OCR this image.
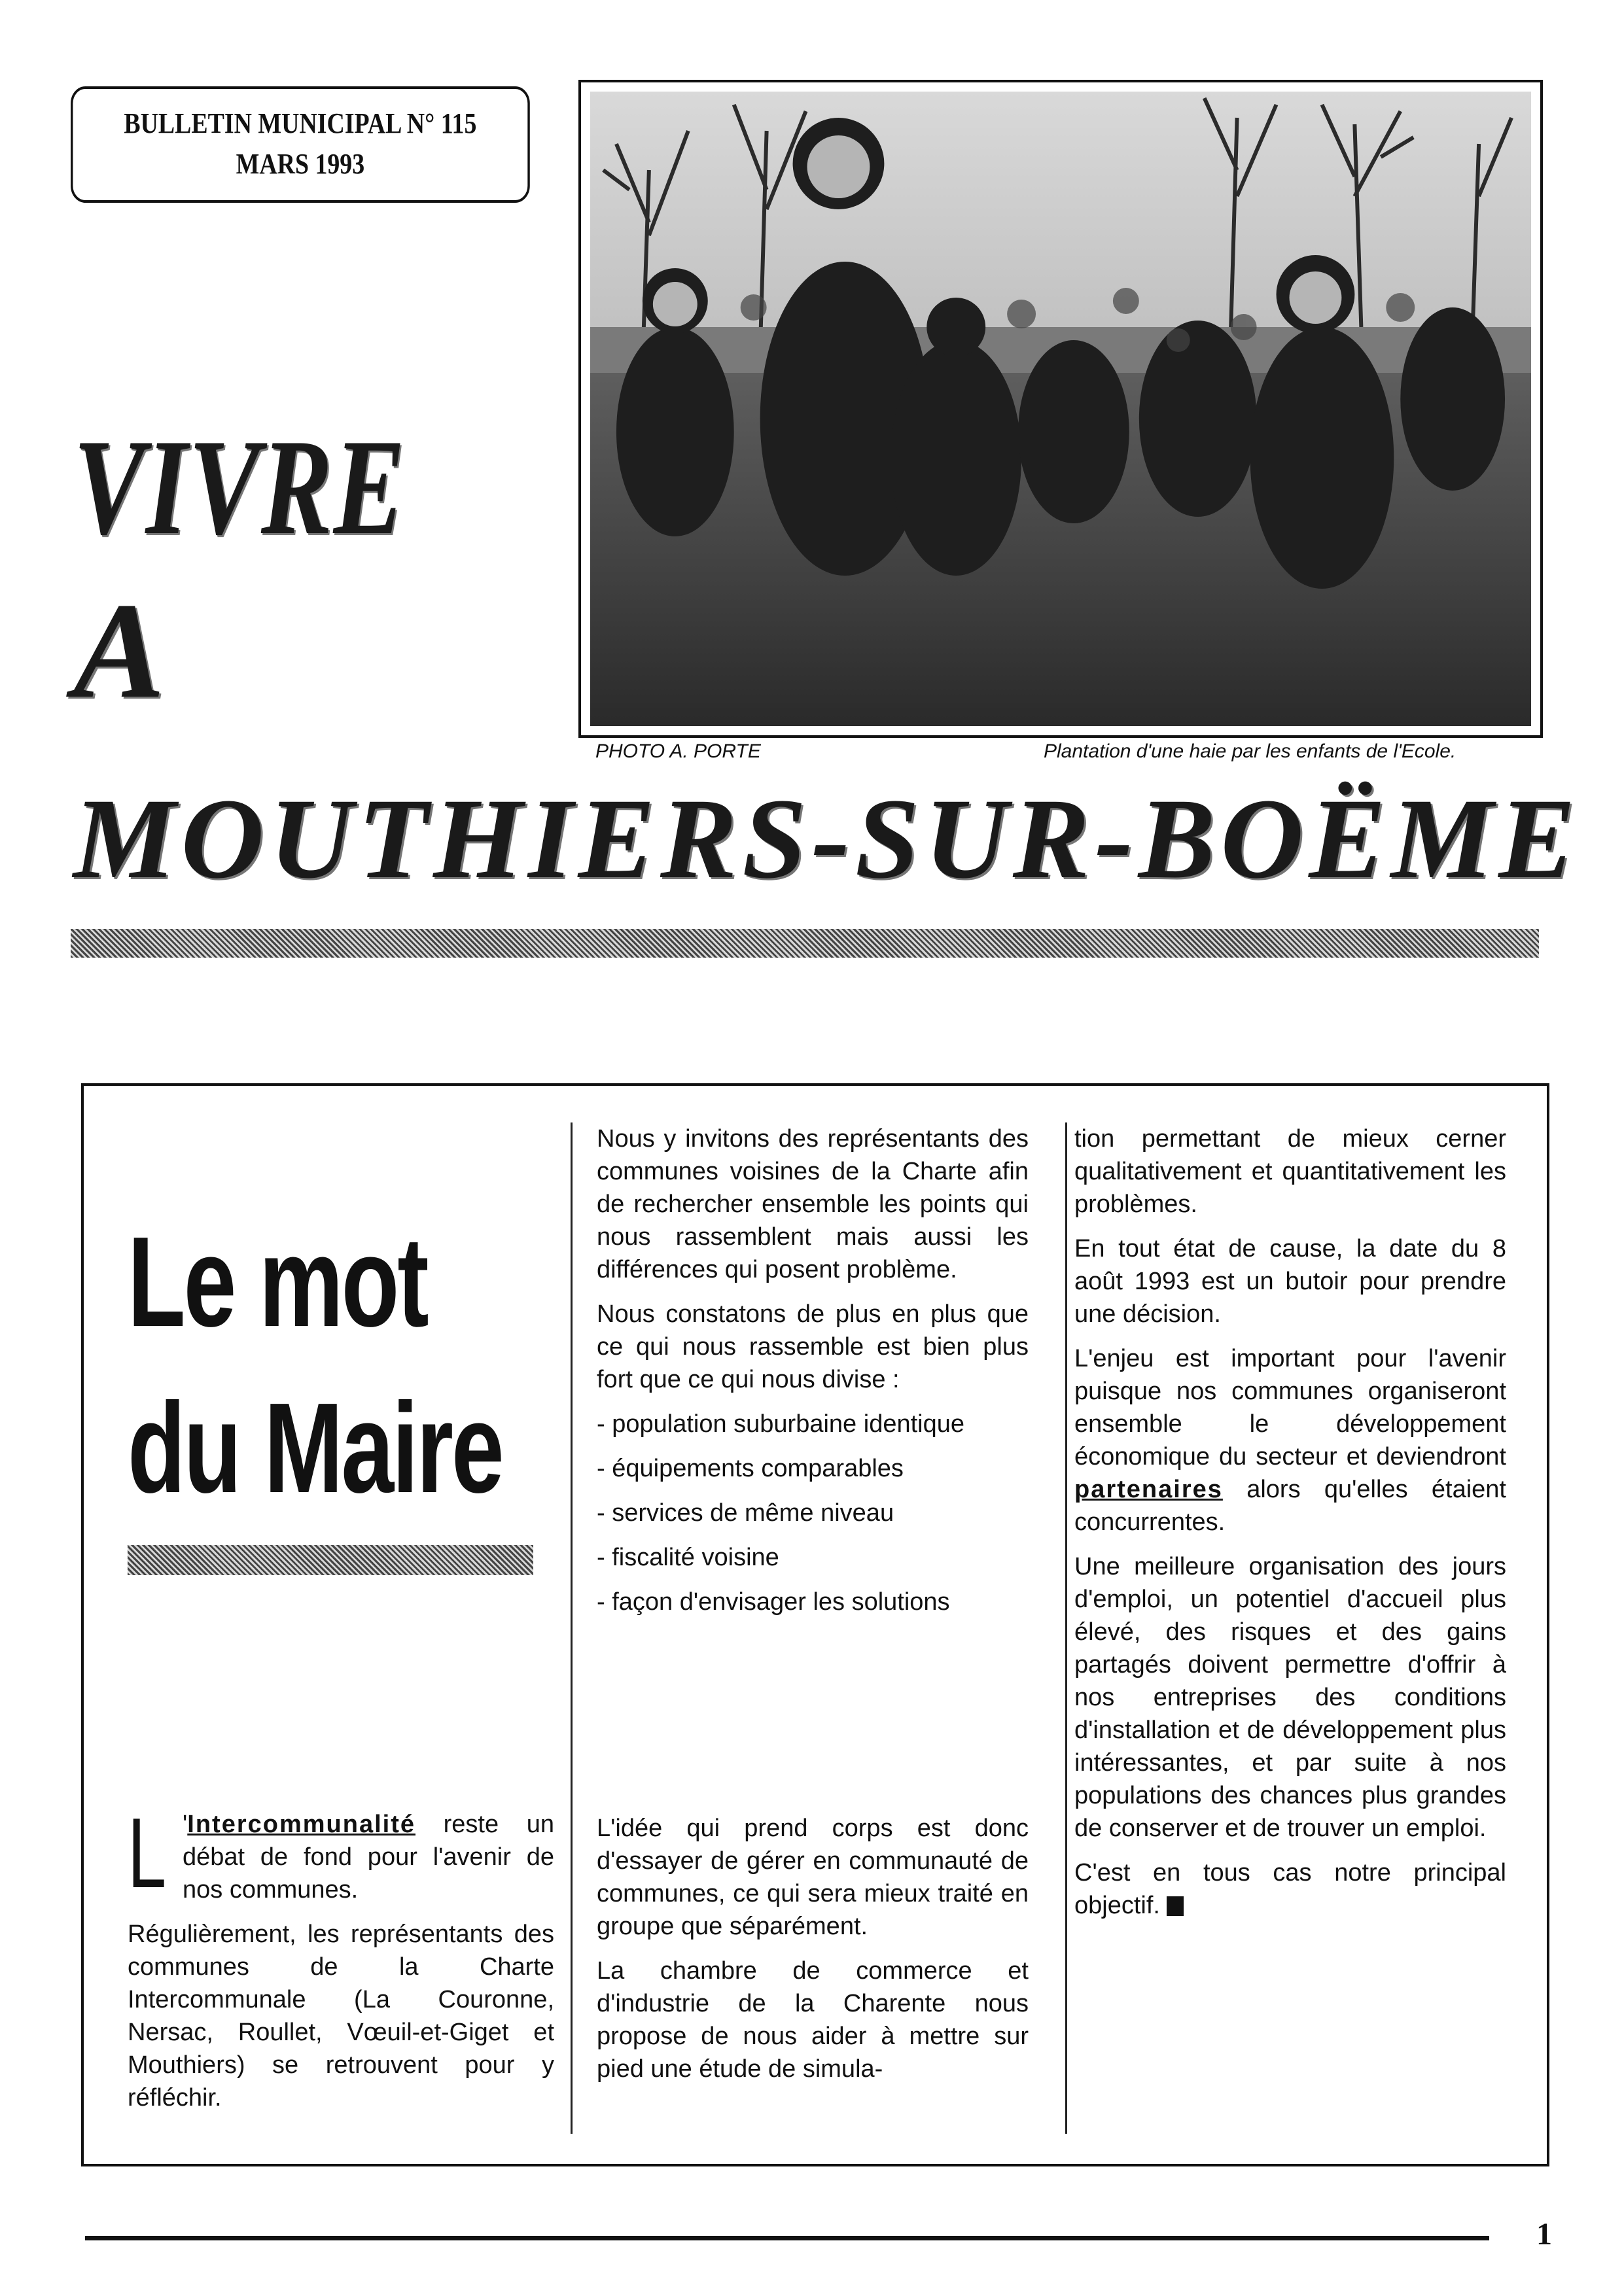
BULLETIN MUNICIPAL N° 115
MARS 1993
PHOTO A. PORTE	Plantation d'une haie par les enfants de l'Ecole.
VIVRE
A
MOUTHIERS-SUR-BOËME
Le mot
du Maire

L 'Intercommunalité reste un débat de fond pour l'avenir de nos communes.

Régulièrement, les représentants des communes de la Charte Intercommunale (La Couronne, Nersac, Roullet, Vœuil-et-Giget et Mouthiers) se retrouvent pour y réfléchir.

Nous y invitons des représentants des communes voisines de la Charte afin de rechercher ensemble les points qui nous rassemblent mais aussi les différences qui posent problème.

Nous constatons de plus en plus que ce qui nous rassemble est bien plus fort que ce qui nous divise :

- population suburbaine identique
- équipements comparables
- services de même niveau
- fiscalité voisine
- façon d'envisager les solutions

L'idée qui prend corps est donc d'essayer de gérer en communauté de communes, ce qui sera mieux traité en groupe que séparément.

La chambre de commerce et d'industrie de la Charente nous propose de nous aider à mettre sur pied une étude de simula-

tion permettant de mieux cerner qualitativement et quantitativement les problèmes.

En tout état de cause, la date du 8 août 1993 est un butoir pour prendre une décision.

L'enjeu est important pour l'avenir puisque nos communes organiseront ensemble le développement économique du secteur et deviendront partenaires alors qu'elles étaient concurrentes.

Une meilleure organisation des jours d'emploi, un potentiel d'accueil plus élevé, des risques et des gains partagés doivent permettre d'offrir à nos entreprises des conditions d'installation et de développement plus intéressantes, et par suite à nos populations des chances plus grandes de conserver et de trouver un emploi.

C'est en tous cas notre principal objectif.

1
